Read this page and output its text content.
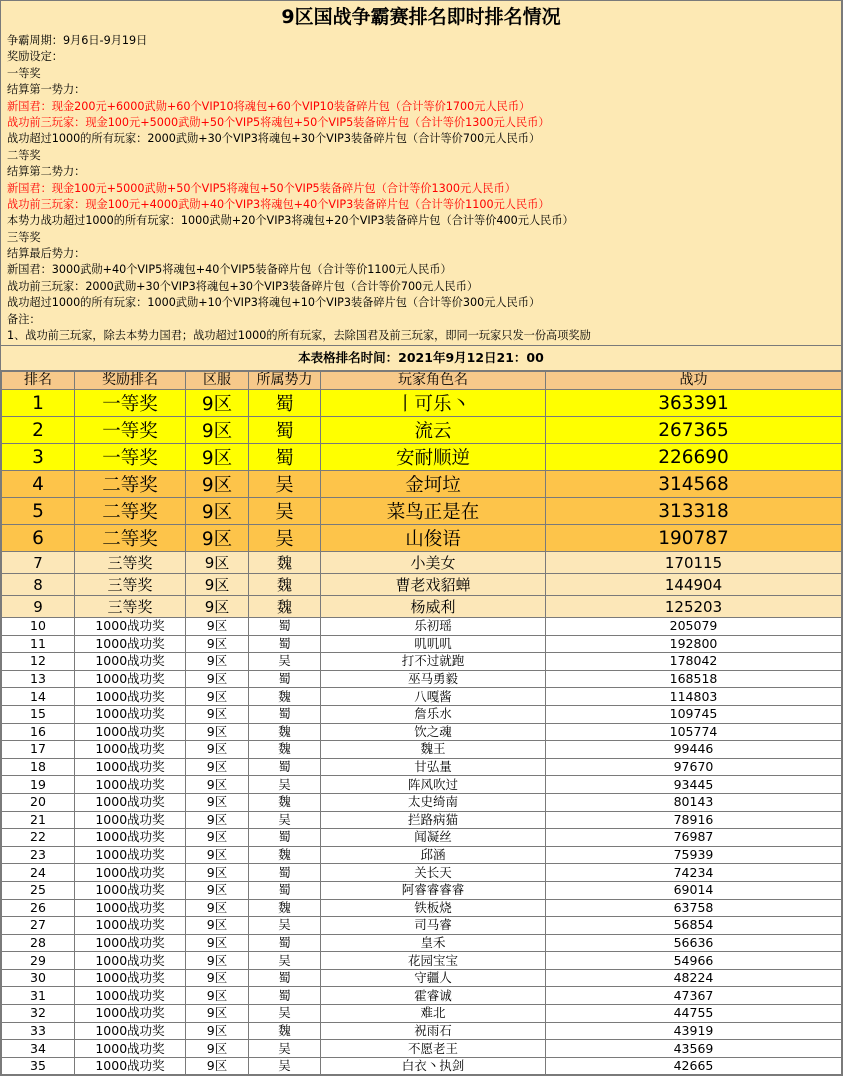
9区国战争霸赛排名即时排名情况
争霸周期：9月6日-9月19日
奖励设定：
一等奖
结算第一势力：
新国君：现金200元+6000武勋+60个VIP10将魂包+60个VIP10装备碎片包（合计等价1700元人民币）
战功前三玩家：现金100元+5000武勋+50个VIP5将魂包+50个VIP5装备碎片包（合计等价1300元人民币）
战功超过1000的所有玩家：2000武勋+30个VIP3将魂包+30个VIP3装备碎片包（合计等价700元人民币）
二等奖
结算第二势力：
新国君：现金100元+5000武勋+50个VIP5将魂包+50个VIP5装备碎片包（合计等价1300元人民币）
战功前三玩家：现金100元+4000武勋+40个VIP3将魂包+40个VIP3装备碎片包（合计等价1100元人民币）
本势力战功超过1000的所有玩家：1000武勋+20个VIP3将魂包+20个VIP3装备碎片包（合计等价400元人民币）
三等奖
结算最后势力：
新国君：3000武勋+40个VIP5将魂包+40个VIP5装备碎片包（合计等价1100元人民币）
战功前三玩家：2000武勋+30个VIP3将魂包+30个VIP3装备碎片包（合计等价700元人民币）
战功超过1000的所有玩家：1000武勋+10个VIP3将魂包+10个VIP3装备碎片包（合计等价300元人民币）
备注：
1、战功前三玩家，除去本势力国君；战功超过1000的所有玩家，去除国君及前三玩家，即同一玩家只发一份高项奖励
本表格排名时间：2021年9月12日21：00
排名	奖励排名	区服	所属势力	玩家角色名	战功
1	一等奖	9区	蜀	丨可乐丶	363391
2	一等奖	9区	蜀	流云	267365
3	一等奖	9区	蜀	安耐顺逆	226690
4	二等奖	9区	吴	金坷垃	314568
5	二等奖	9区	吴	菜鸟正是在	313318
6	二等奖	9区	吴	山俊语	190787
7	三等奖	9区	魏	小美女	170115
8	三等奖	9区	魏	曹老戏貂蝉	144904
9	三等奖	9区	魏	杨威利	125203
10	1000战功奖	9区	蜀	乐初瑶	205079
11	1000战功奖	9区	蜀	叽叽叽	192800
12	1000战功奖	9区	吴	打不过就跑	178042
13	1000战功奖	9区	蜀	巫马勇毅	168518
14	1000战功奖	9区	魏	八嘎酱	114803
15	1000战功奖	9区	蜀	詹乐水	109745
16	1000战功奖	9区	魏	饮之魂	105774
17	1000战功奖	9区	魏	魏王	99446
18	1000战功奖	9区	蜀	甘弘量	97670
19	1000战功奖	9区	吴	阵风吹过	93445
20	1000战功奖	9区	魏	太史绮南	80143
21	1000战功奖	9区	吴	拦路病猫	78916
22	1000战功奖	9区	蜀	闻凝丝	76987
23	1000战功奖	9区	魏	邱涵	75939
24	1000战功奖	9区	蜀	关长天	74234
25	1000战功奖	9区	蜀	阿睿睿睿睿	69014
26	1000战功奖	9区	魏	铁板烧	63758
27	1000战功奖	9区	吴	司马睿	56854
28	1000战功奖	9区	蜀	皇禾	56636
29	1000战功奖	9区	吴	花园宝宝	54966
30	1000战功奖	9区	蜀	守疆人	48224
31	1000战功奖	9区	蜀	霍睿诚	47367
32	1000战功奖	9区	吴	难北	44755
33	1000战功奖	9区	魏	祝雨石	43919
34	1000战功奖	9区	吴	不愿老王	43569
35	1000战功奖	9区	吴	白衣丶执剑	42665
